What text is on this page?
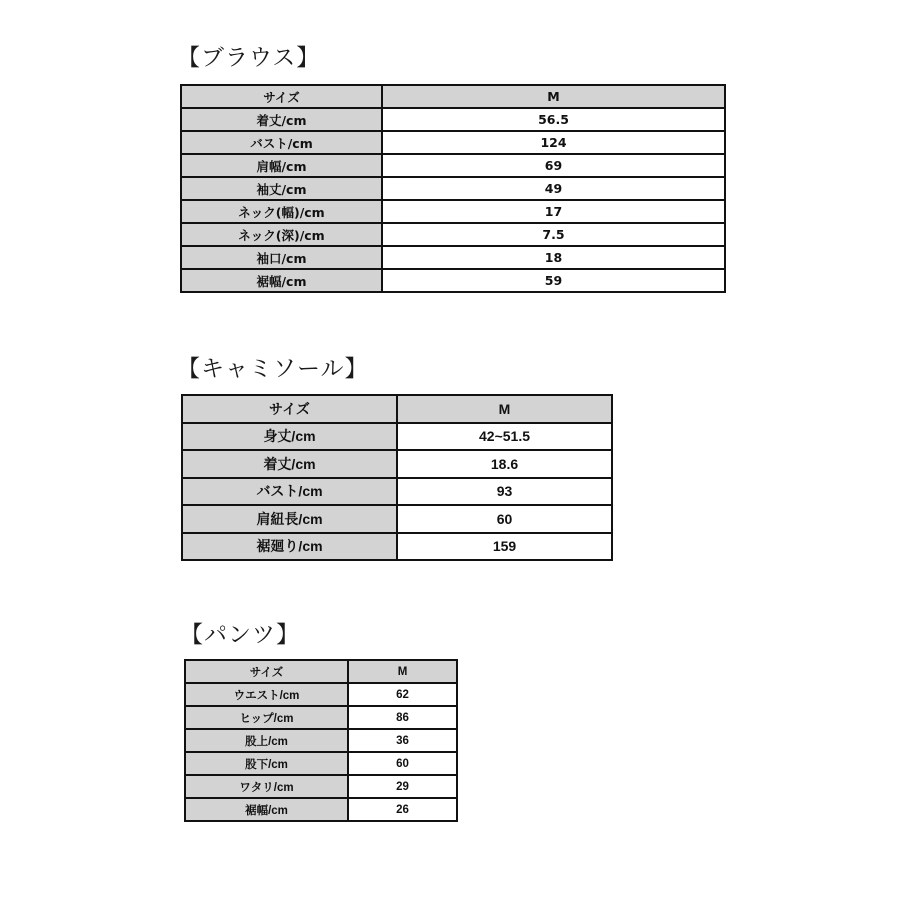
【ブラウス】
サイズ	M
着丈/cm	56.5
バスト/cm	124
肩幅/cm	69
袖丈/cm	49
ネック(幅)/cm	17
ネック(深)/cm	7.5
袖口/cm	18
裾幅/cm	59
【キャミソール】
サイズ	M
身丈/cm	42~51.5
着丈/cm	18.6
バスト/cm	93
肩紐長/cm	60
裾廻り/cm	159
【パンツ】
サイズ	M
ウエスト/cm	62
ヒップ/cm	86
股上/cm	36
股下/cm	60
ワタリ/cm	29
裾幅/cm	26
